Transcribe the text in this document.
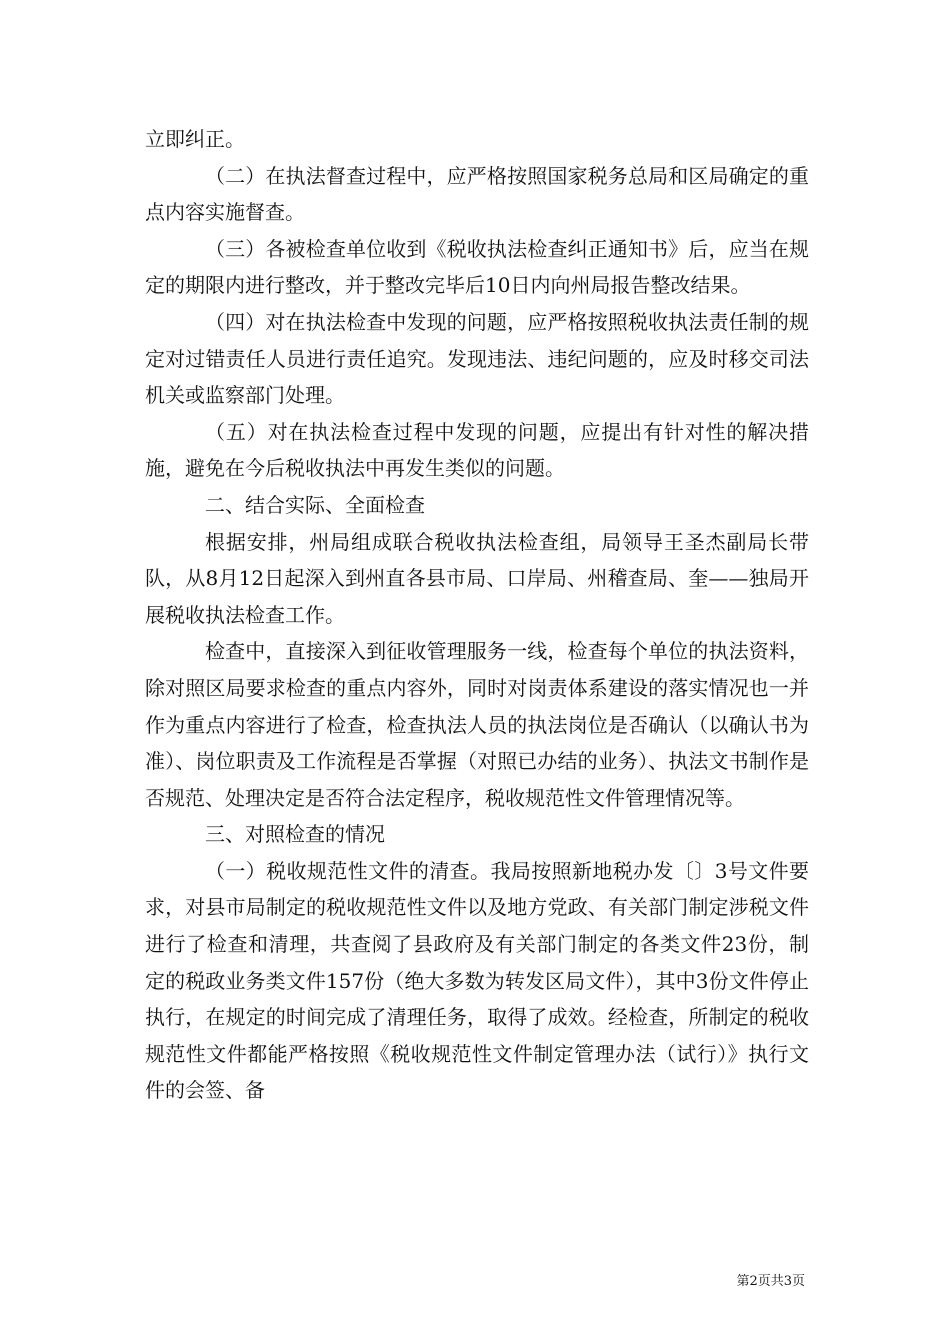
立即纠正。

（二）在执法督查过程中，应严格按照国家税务总局和区局确定的重点内容实施督查。

（三）各被检查单位收到《税收执法检查纠正通知书》后，应当在规定的期限内进行整改，并于整改完毕后10日内向州局报告整改结果。

（四）对在执法检查中发现的问题，应严格按照税收执法责任制的规定对过错责任人员进行责任追究。发现违法、违纪问题的，应及时移交司法机关或监察部门处理。

（五）对在执法检查过程中发现的问题，应提出有针对性的解决措施，避免在今后税收执法中再发生类似的问题。

二、结合实际、全面检查

根据安排，州局组成联合税收执法检查组，局领导王圣杰副局长带队，从8月12日起深入到州直各县市局、口岸局、州稽查局、奎——独局开展税收执法检查工作。

检查中，直接深入到征收管理服务一线，检查每个单位的执法资料，除对照区局要求检查的重点内容外，同时对岗责体系建设的落实情况也一并作为重点内容进行了检查，检查执法人员的执法岗位是否确认（以确认书为准）、岗位职责及工作流程是否掌握（对照已办结的业务）、执法文书制作是否规范、处理决定是否符合法定程序，税收规范性文件管理情况等。

三、对照检查的情况

（一）税收规范性文件的清查。我局按照新地税办发〔〕3号文件要求，对县市局制定的税收规范性文件以及地方党政、有关部门制定涉税文件进行了检查和清理，共查阅了县政府及有关部门制定的各类文件23份，制定的税政业务类文件157份（绝大多数为转发区局文件），其中3份文件停止执行，在规定的时间完成了清理任务，取得了成效。经检查，所制定的税收规范性文件都能严格按照《税收规范性文件制定管理办法（试行）》执行文件的会签、备

第2页共3页
